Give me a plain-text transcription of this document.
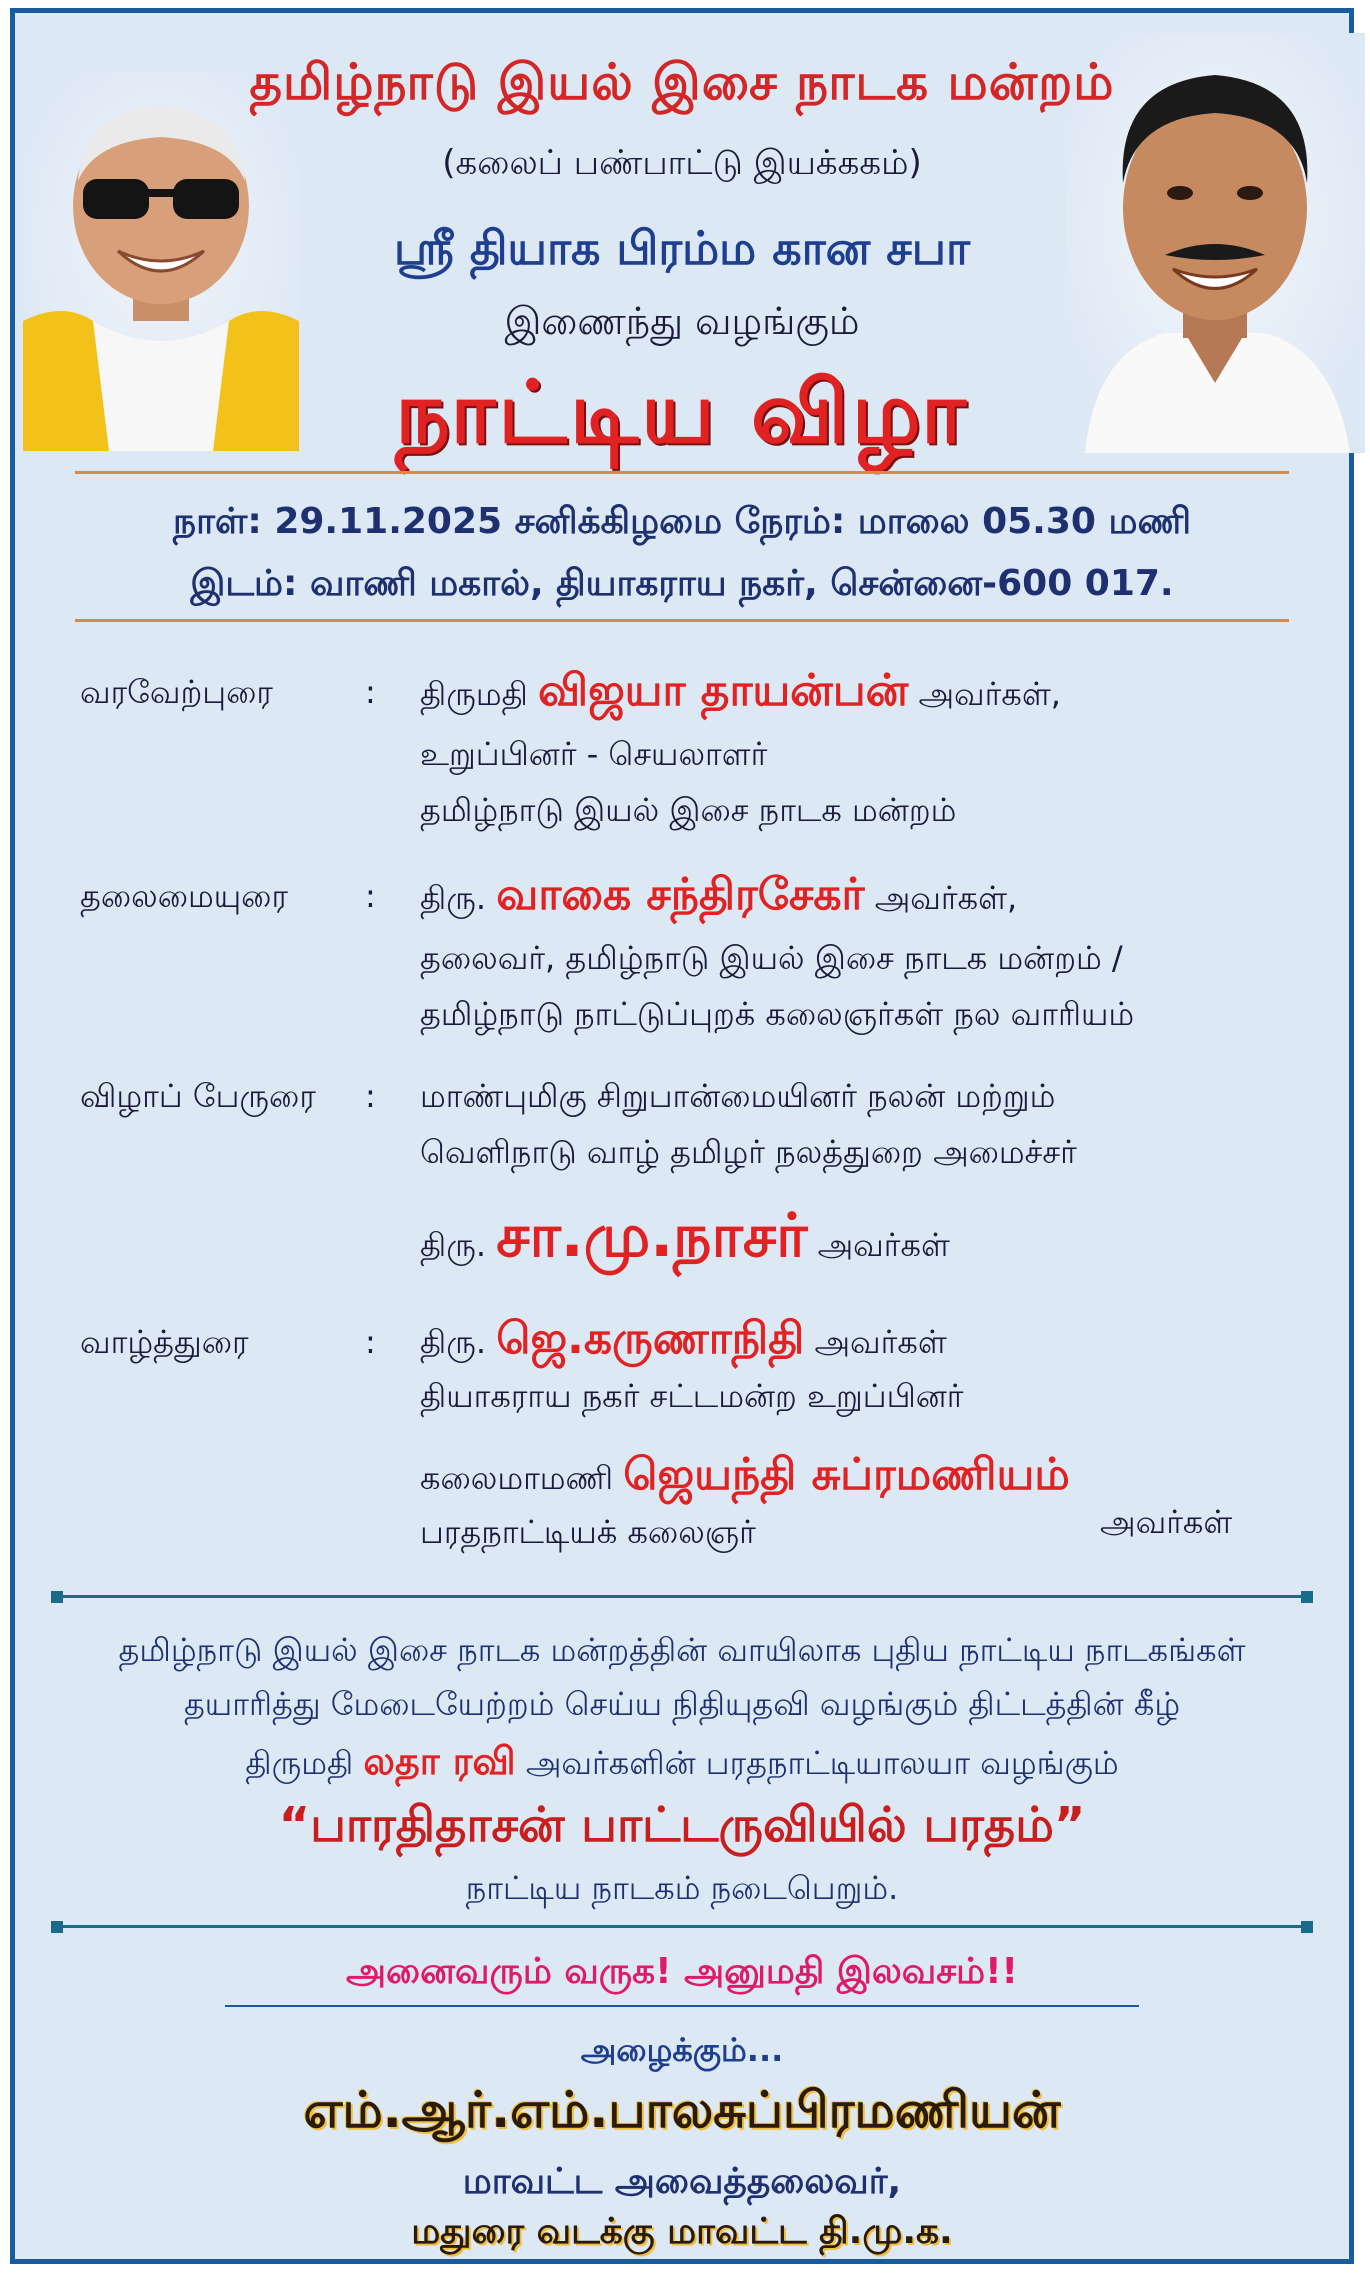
தமிழ்நாடு இயல் இசை நாடக மன்றம்
(கலைப் பண்பாட்டு இயக்ககம்)
ஸ்ரீ தியாக பிரம்ம கான சபா
இணைந்து வழங்கும்
நாட்டிய விழா
நாள்: 29.11.2025 சனிக்கிழமை நேரம்: மாலை 05.30 மணி
இடம்: வாணி மகால், தியாகராய நகர், சென்னை-600 017.
வரவேற்புரை	: திருமதி விஜயா தாயன்பன் அவர்கள்,
உறுப்பினர் - செயலாளர்
தமிழ்நாடு இயல் இசை நாடக மன்றம்
தலைமையுரை : திரு. வாகை சந்திரசேகர் அவர்கள்,
தலைவர், தமிழ்நாடு இயல் இசை நாடக மன்றம் /
தமிழ்நாடு நாட்டுப்புறக் கலைஞர்கள் நல வாரியம்
விழாப் பேருரை : மாண்புமிகு சிறுபான்மையினர் நலன் மற்றும்
வெளிநாடு வாழ் தமிழர் நலத்துறை அமைச்சர்
திரு. சா.மு.நாசர் அவர்கள்
வாழ்த்துரை	: திரு. ஜெ.கருணாநிதி அவர்கள்
தியாகராய நகர் சட்டமன்ற உறுப்பினர்
கலைமாமணி ஜெயந்தி சுப்ரமணியம்
பரதநாட்டியக் கலைஞர்	அவர்கள்
தமிழ்நாடு இயல் இசை நாடக மன்றத்தின் வாயிலாக புதிய நாட்டிய நாடகங்கள்
தயாரித்து மேடையேற்றம் செய்ய நிதியுதவி வழங்கும் திட்டத்தின் கீழ்
திருமதி லதா ரவி அவர்களின் பரதநாட்டியாலயா வழங்கும்
“பாரதிதாசன் பாட்டருவியில் பரதம்”
நாட்டிய நாடகம் நடைபெறும்.
அனைவரும் வருக! அனுமதி இலவசம்!!
அழைக்கும்...
எம்.ஆர்.எம்.பாலசுப்பிரமணியன்
மாவட்ட அவைத்தலைவர்,
மதுரை வடக்கு மாவட்ட தி.மு.க.
